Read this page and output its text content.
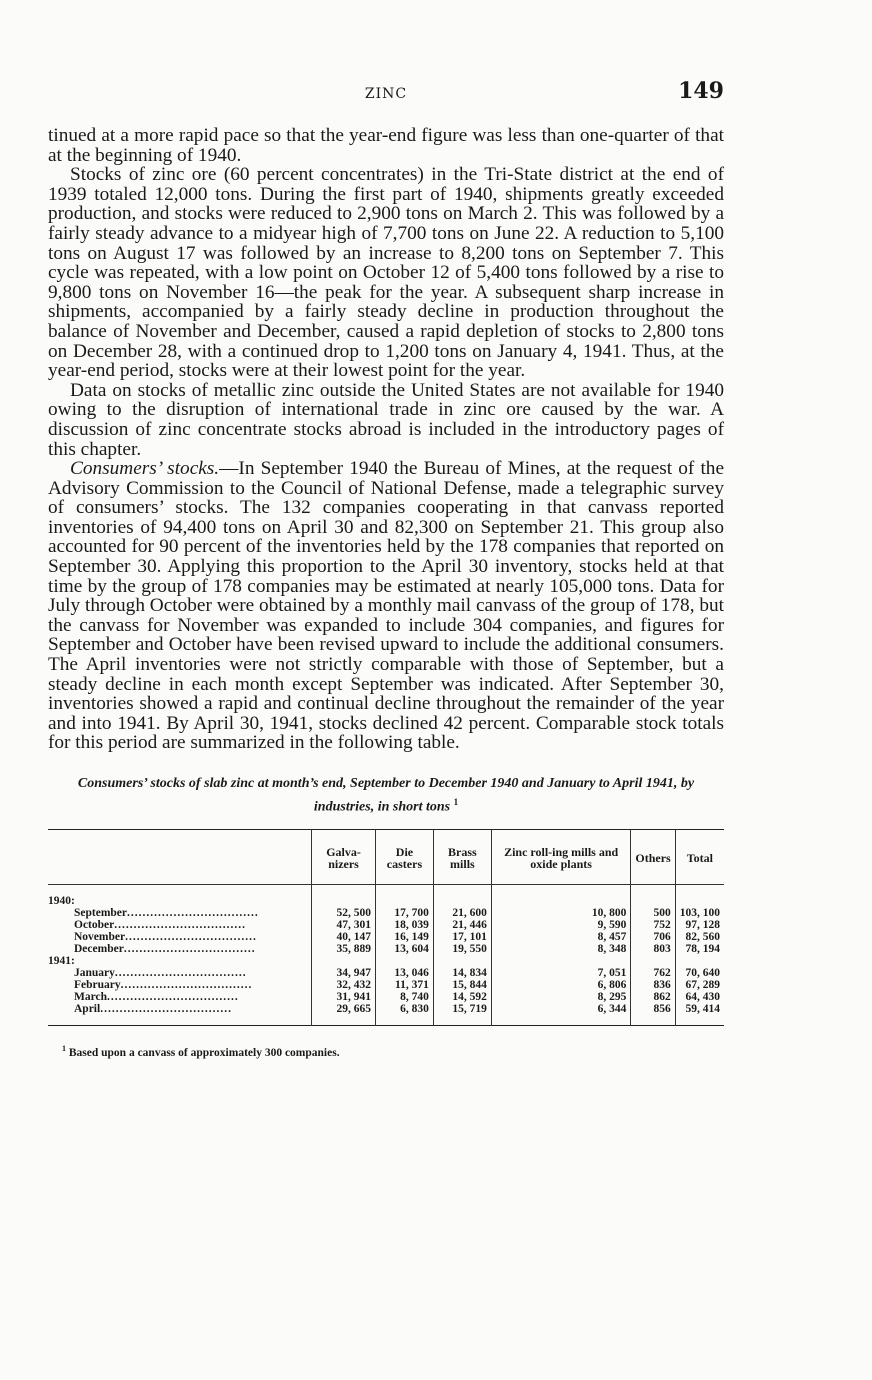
ZINC	149

tinued at a more rapid pace so that the year-end figure was less than one-quarter of that at the beginning of 1940.

Stocks of zinc ore (60 percent concentrates) in the Tri-State district at the end of 1939 totaled 12,000 tons. During the first part of 1940, shipments greatly exceeded production, and stocks were reduced to 2,900 tons on March 2. This was followed by a fairly steady advance to a midyear high of 7,700 tons on June 22. A reduction to 5,100 tons on August 17 was followed by an increase to 8,200 tons on September 7. This cycle was repeated, with a low point on October 12 of 5,400 tons followed by a rise to 9,800 tons on November 16—the peak for the year. A subsequent sharp increase in shipments, accompanied by a fairly steady decline in production throughout the balance of November and December, caused a rapid depletion of stocks to 2,800 tons on December 28, with a continued drop to 1,200 tons on January 4, 1941. Thus, at the year-end period, stocks were at their lowest point for the year.

Data on stocks of metallic zinc outside the United States are not available for 1940 owing to the disruption of international trade in zinc ore caused by the war. A discussion of zinc concentrate stocks abroad is included in the introductory pages of this chapter.

Consumers’ stocks.—In September 1940 the Bureau of Mines, at the request of the Advisory Commission to the Council of National Defense, made a telegraphic survey of consumers’ stocks. The 132 companies cooperating in that canvass reported inventories of 94,400 tons on April 30 and 82,300 on September 21. This group also accounted for 90 percent of the inventories held by the 178 companies that reported on September 30. Applying this proportion to the April 30 inventory, stocks held at that time by the group of 178 companies may be estimated at nearly 105,000 tons. Data for July through October were obtained by a monthly mail canvass of the group of 178, but the canvass for November was expanded to include 304 companies, and figures for September and October have been revised upward to include the additional consumers. The April inventories were not strictly comparable with those of September, but a steady decline in each month except September was indicated. After September 30, inventories showed a rapid and continual decline throughout the remainder of the year and into 1941. By April 30, 1941, stocks declined 42 percent. Comparable stock totals for this period are summarized in the following table.

Consumers’ stocks of slab zinc at month’s end, September to December 1940 and January to April 1941, by industries, in short tons $^1$
	Galva-nizers	Die casters	Brass mills	Zinc roll-ing mills and oxide plants	Others	Total

1940:						
September..................................	52, 500	17, 700	21, 600	10, 800	500	103, 100
October..................................	47, 301	18, 039	21, 446	9, 590	752	97, 128
November..................................	40, 147	16, 149	17, 101	8, 457	706	82, 560
December..................................	35, 889	13, 604	19, 550	8, 348	803	78, 194
1941:						
January..................................	34, 947	13, 046	14, 834	7, 051	762	70, 640
February..................................	32, 432	11, 371	15, 844	6, 806	836	67, 289
March..................................	31, 941	8, 740	14, 592	8, 295	862	64, 430
April..................................	29, 665	6, 830	15, 719	6, 344	856	59, 414

$^1$ Based upon a canvass of approximately 300 companies.
